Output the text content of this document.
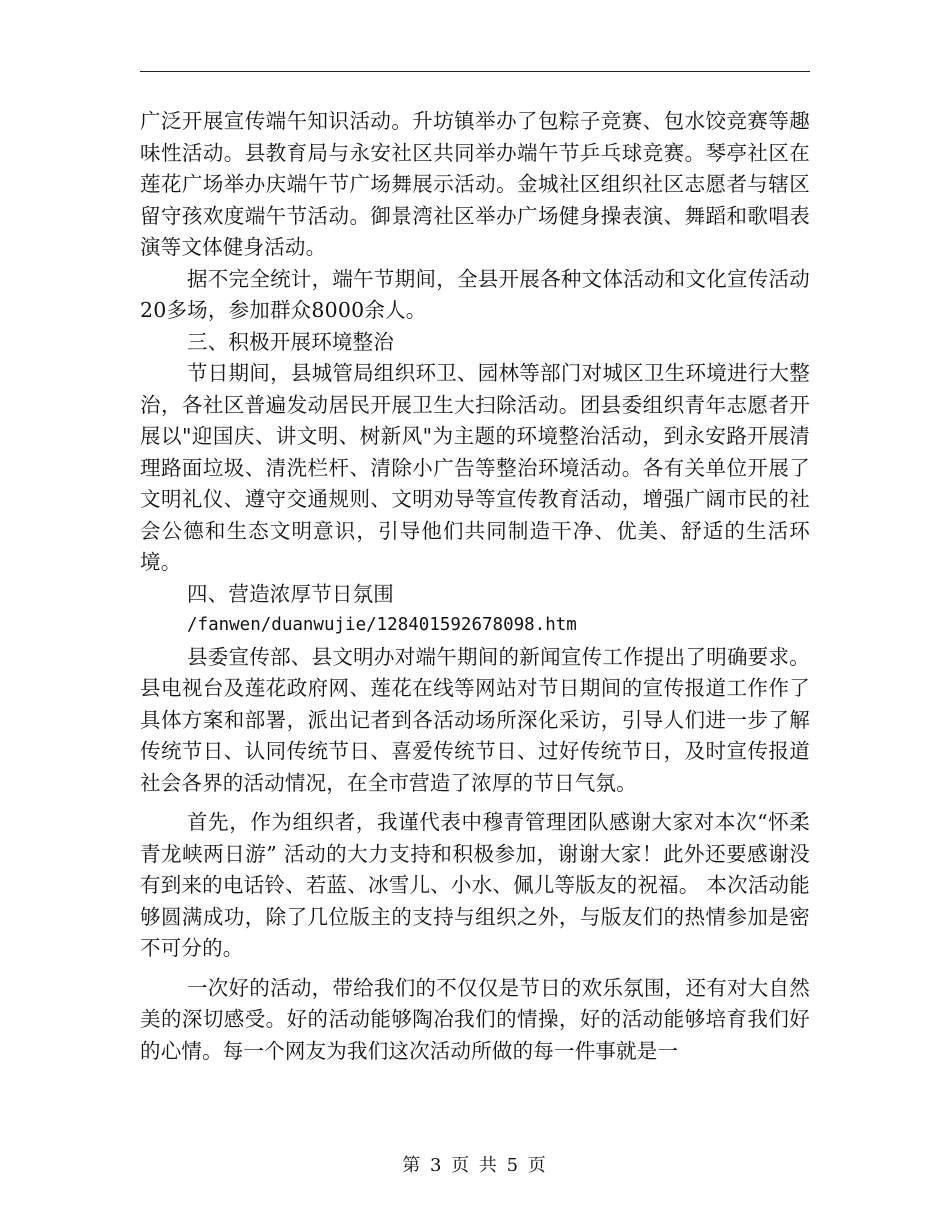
广泛开展宣传端午知识活动。升坊镇举办了包粽子竞赛、包水饺竞赛等趣味性活动。县教育局与永安社区共同举办端午节乒乓球竞赛。琴亭社区在莲花广场举办庆端午节广场舞展示活动。金城社区组织社区志愿者与辖区留守孩欢度端午节活动。御景湾社区举办广场健身操表演、舞蹈和歌唱表演等文体健身活动。

据不完全统计，端午节期间，全县开展各种文体活动和文化宣传活动20多场，参加群众8000余人。

三、积极开展环境整治

节日期间，县城管局组织环卫、园林等部门对城区卫生环境进行大整治，各社区普遍发动居民开展卫生大扫除活动。团县委组织青年志愿者开展以"迎国庆、讲文明、树新风"为主题的环境整治活动，到永安路开展清理路面垃圾、清洗栏杆、清除小广告等整治环境活动。各有关单位开展了文明礼仪、遵守交通规则、文明劝导等宣传教育活动，增强广阔市民的社会公德和生态文明意识，引导他们共同制造干净、优美、舒适的生活环境。

四、营造浓厚节日氛围

/fanwen/duanwujie/128401592678098.htm

县委宣传部、县文明办对端午期间的新闻宣传工作提出了明确要求。县电视台及莲花政府网、莲花在线等网站对节日期间的宣传报道工作作了具体方案和部署，派出记者到各活动场所深化采访，引导人们进一步了解传统节日、认同传统节日、喜爱传统节日、过好传统节日，及时宣传报道社会各界的活动情况，在全市营造了浓厚的节日气氛。

首先，作为组织者，我谨代表中穆青管理团队感谢大家对本次“怀柔青龙峡两日游” 活动的大力支持和积极参加，谢谢大家！此外还要感谢没有到来的电话铃、若蓝、冰雪儿、小水、佩儿等版友的祝福。 本次活动能够圆满成功，除了几位版主的支持与组织之外，与版友们的热情参加是密不可分的。

一次好的活动，带给我们的不仅仅是节日的欢乐氛围，还有对大自然美的深切感受。好的活动能够陶冶我们的情操，好的活动能够培育我们好的心情。每一个网友为我们这次活动所做的每一件事就是一

第 3 页 共 5 页
